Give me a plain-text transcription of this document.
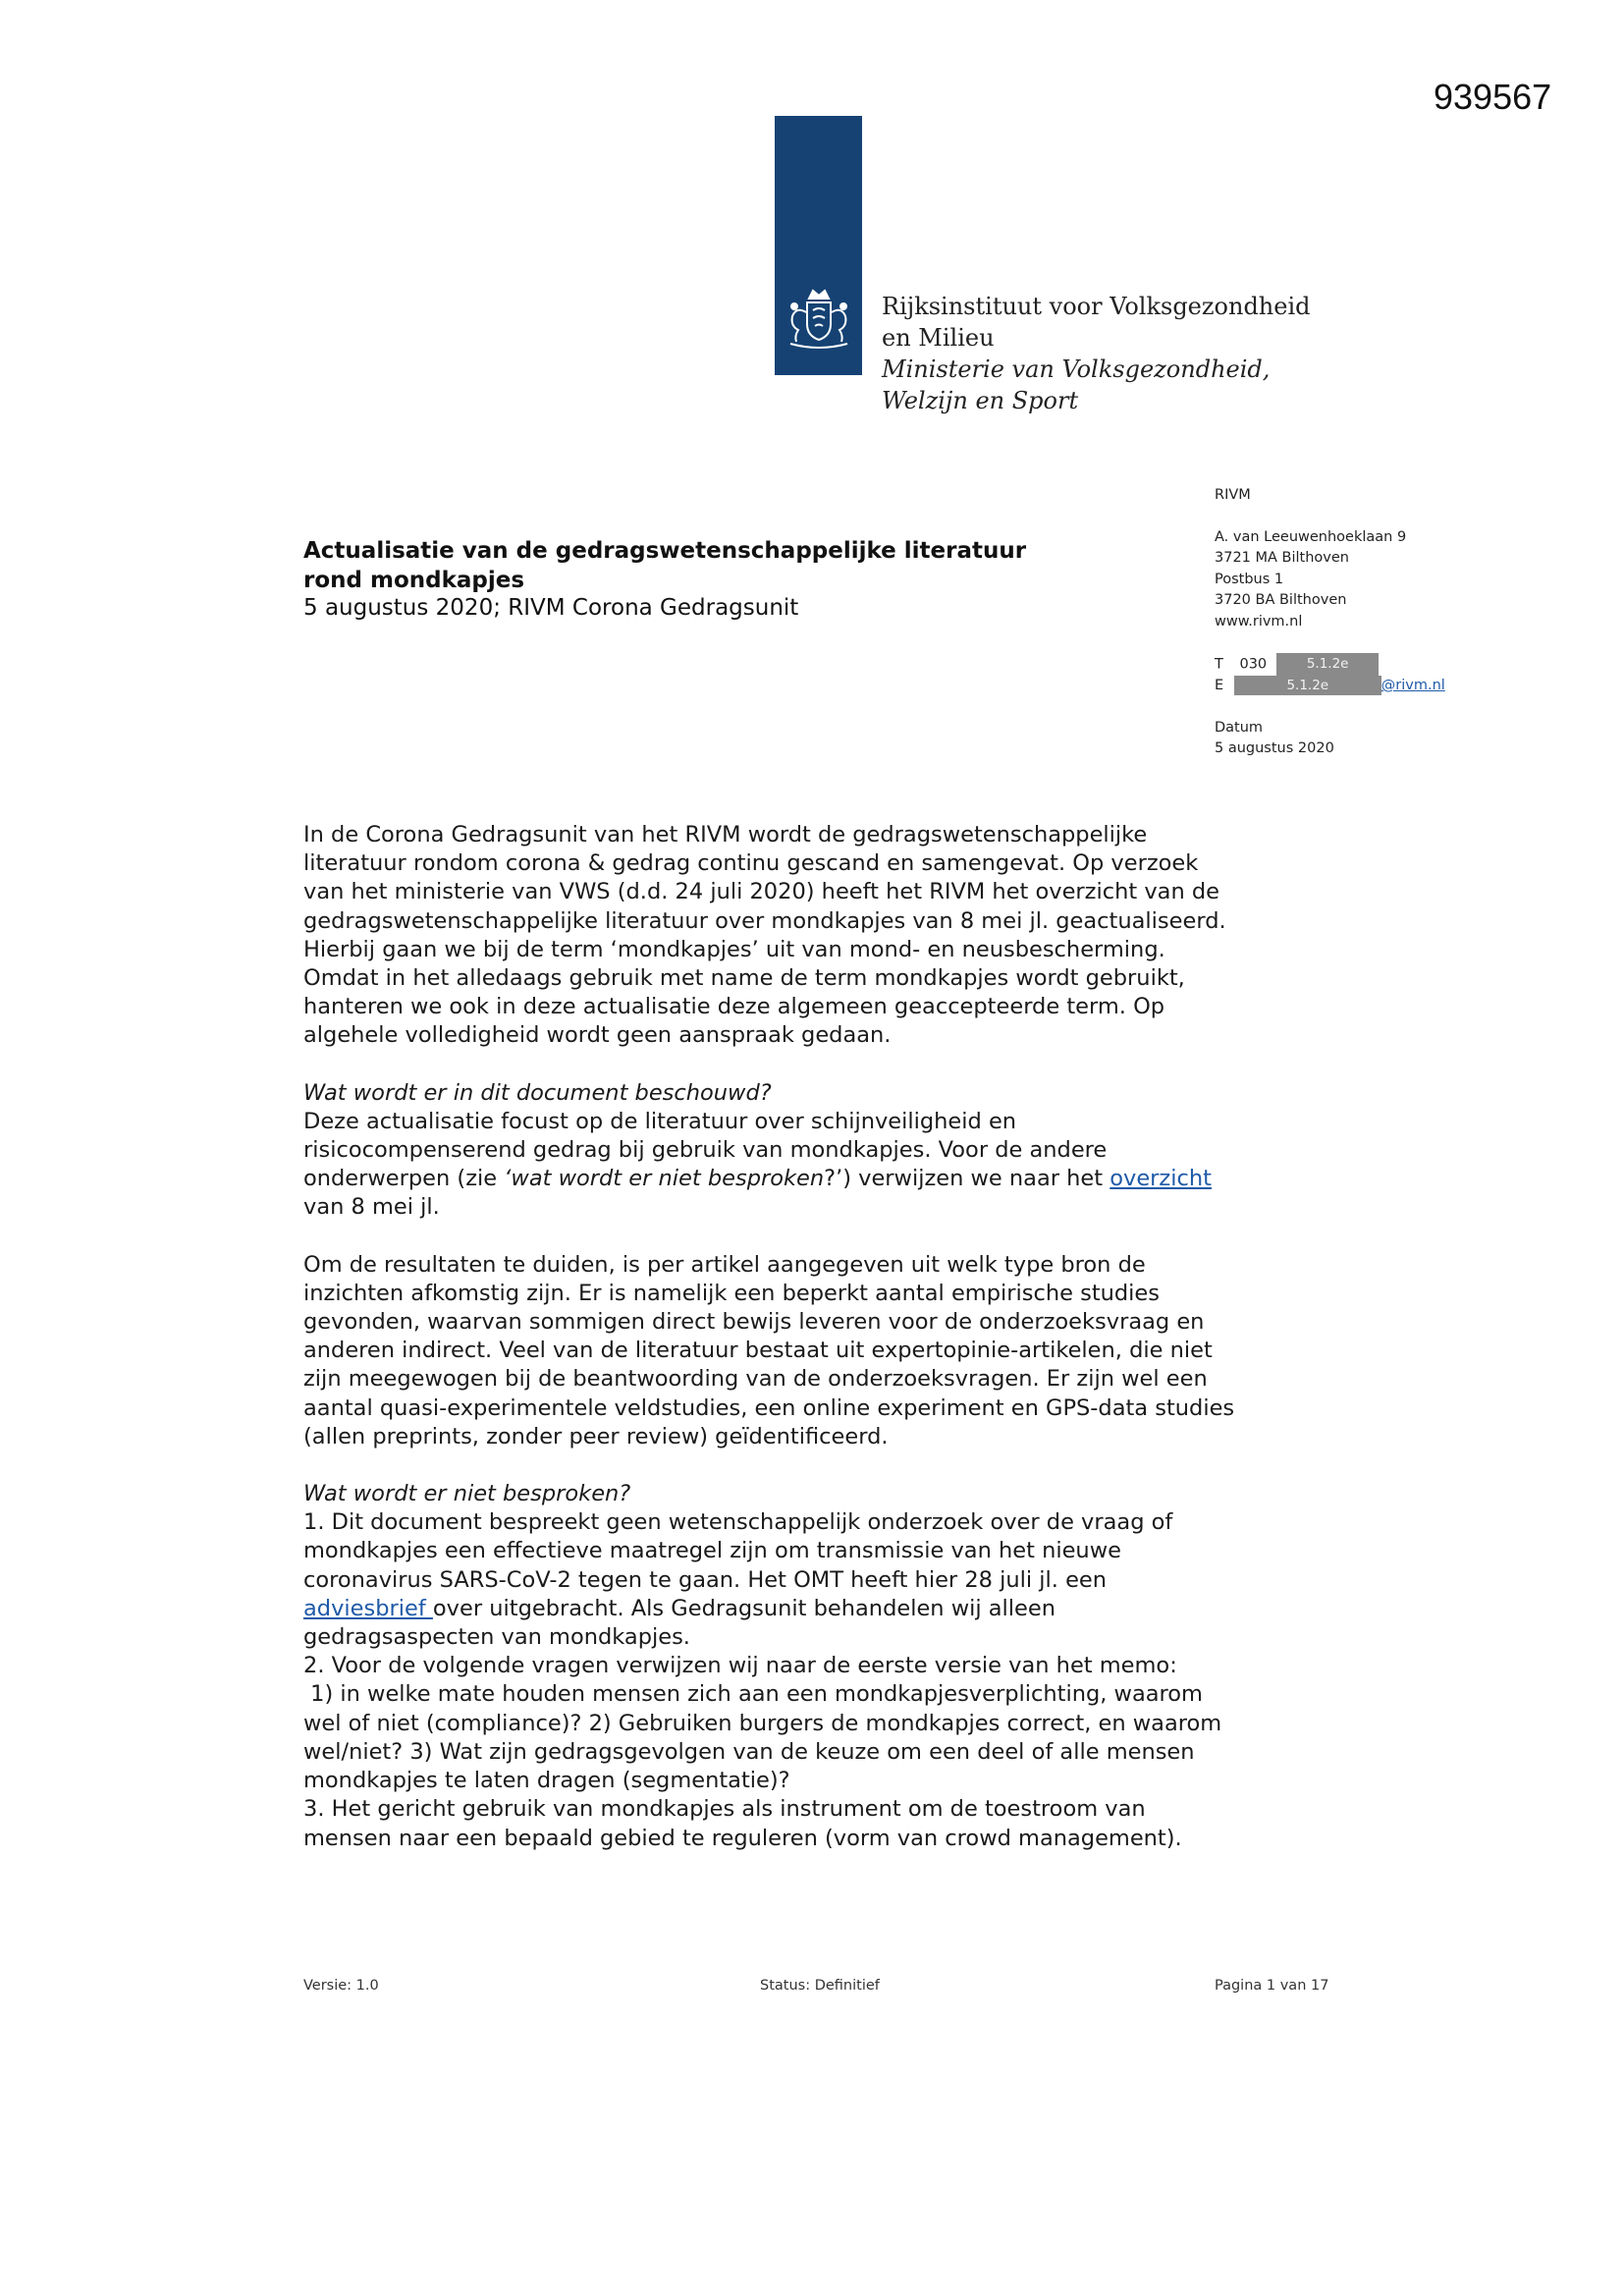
939567
Rijksinstituut voor Volksgezondheid
en Milieu
Ministerie van Volksgezondheid,
Welzijn en Sport
RIVM
A. van Leeuwenhoeklaan 9
3721 MA Bilthoven
Postbus 1
3720 BA Bilthoven
www.rivm.nl
T 030	5.1.2e
E	5.1.2e	@rivm.nl
Datum
5 augustus 2020
Actualisatie van de gedragswetenschappelijke literatuur
rond mondkapjes
5 augustus 2020; RIVM Corona Gedragsunit

In de Corona Gedragsunit van het RIVM wordt de gedragswetenschappelijke

literatuur rondom corona & gedrag continu gescand en samengevat. Op verzoek

van het ministerie van VWS (d.d. 24 juli 2020) heeft het RIVM het overzicht van de

gedragswetenschappelijke literatuur over mondkapjes van 8 mei jl. geactualiseerd.

Hierbij gaan we bij de term ‘mondkapjes’ uit van mond- en neusbescherming.

Omdat in het alledaags gebruik met name de term mondkapjes wordt gebruikt,

hanteren we ook in deze actualisatie deze algemeen geaccepteerde term. Op

algehele volledigheid wordt geen aanspraak gedaan.

Wat wordt er in dit document beschouwd?

Deze actualisatie focust op de literatuur over schijnveiligheid en

risicocompenserend gedrag bij gebruik van mondkapjes. Voor de andere

onderwerpen (zie ‘wat wordt er niet besproken?’) verwijzen we naar het overzicht

van 8 mei jl.

Om de resultaten te duiden, is per artikel aangegeven uit welk type bron de

inzichten afkomstig zijn. Er is namelijk een beperkt aantal empirische studies

gevonden, waarvan sommigen direct bewijs leveren voor de onderzoeksvraag en

anderen indirect. Veel van de literatuur bestaat uit expertopinie-artikelen, die niet

zijn meegewogen bij de beantwoording van de onderzoeksvragen. Er zijn wel een

aantal quasi-experimentele veldstudies, een online experiment en GPS-data studies

(allen preprints, zonder peer review) geïdentificeerd.

Wat wordt er niet besproken?

1. Dit document bespreekt geen wetenschappelijk onderzoek over de vraag of

mondkapjes een effectieve maatregel zijn om transmissie van het nieuwe

coronavirus SARS-CoV-2 tegen te gaan. Het OMT heeft hier 28 juli jl. een

adviesbrief over uitgebracht. Als Gedragsunit behandelen wij alleen

gedragsaspecten van mondkapjes.

2. Voor de volgende vragen verwijzen wij naar de eerste versie van het memo:

1) in welke mate houden mensen zich aan een mondkapjesverplichting, waarom

wel of niet (compliance)? 2) Gebruiken burgers de mondkapjes correct, en waarom

wel/niet? 3) Wat zijn gedragsgevolgen van de keuze om een deel of alle mensen

mondkapjes te laten dragen (segmentatie)?

3. Het gericht gebruik van mondkapjes als instrument om de toestroom van

mensen naar een bepaald gebied te reguleren (vorm van crowd management).

Versie: 1.0	Status: Definitief	Pagina 1 van 17
